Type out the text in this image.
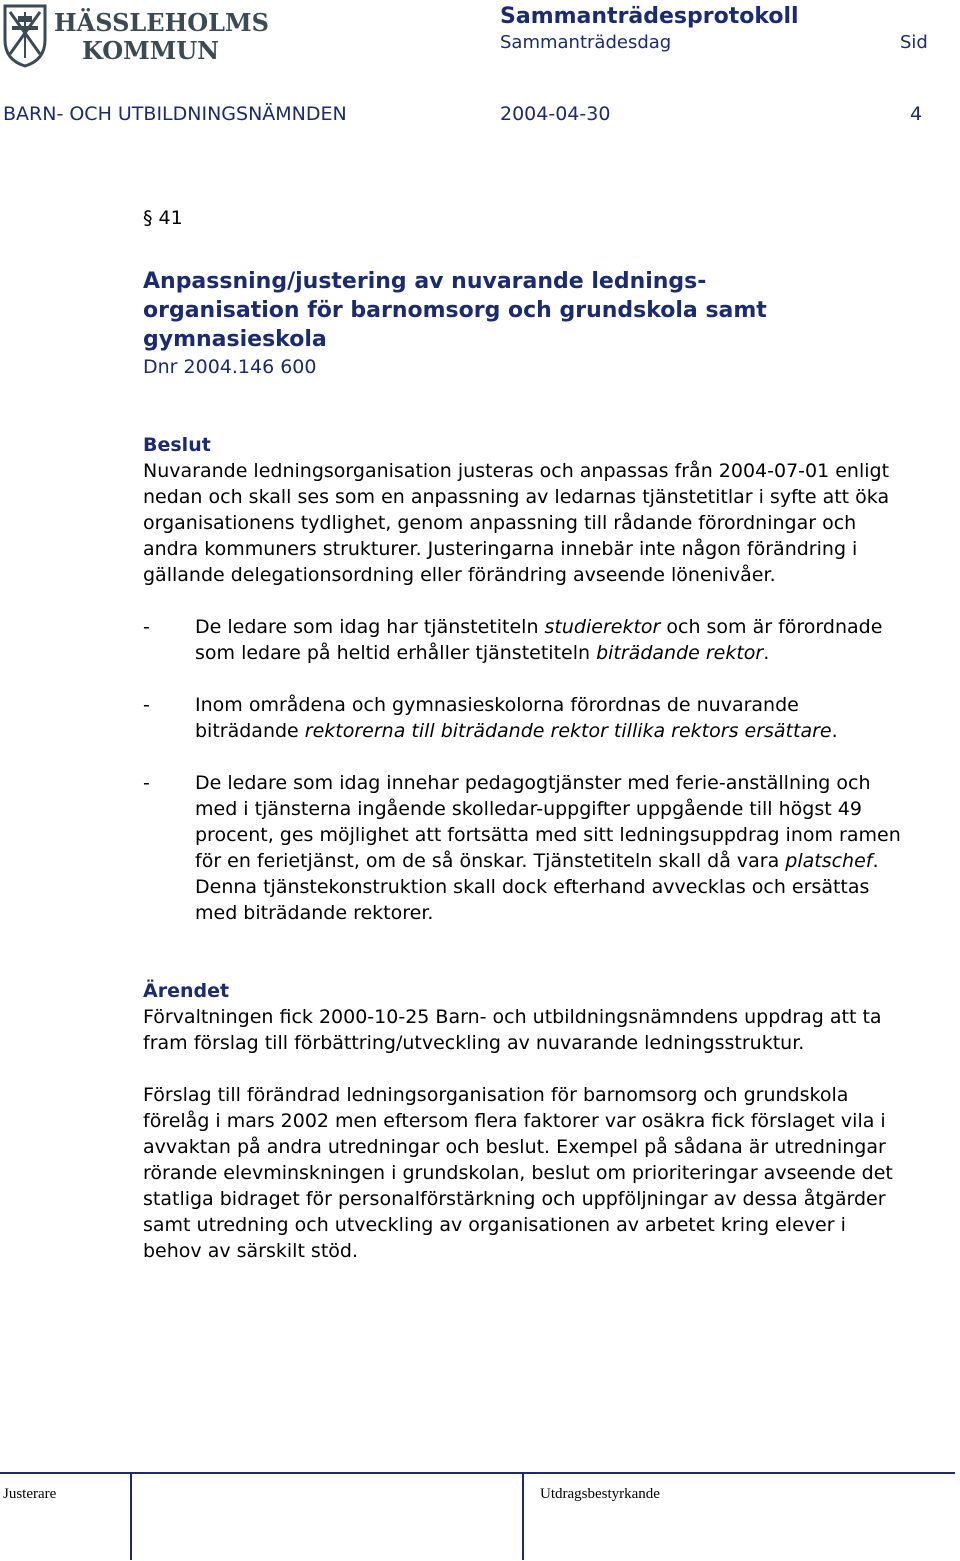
HÄSSLEHOLMS
KOMMUN
Sammanträdesprotokoll
Sammanträdesdag	Sid
BARN- OCH UTBILDNINGSNÄMNDEN	2004-04-30	4
§ 41
Anpassning/justering av nuvarande lednings-
organisation för barnomsorg och grundskola samt
gymnasieskola
Dnr 2004.146 600
Beslut
Nuvarande ledningsorganisation justeras och anpassas från 2004-07-01 enligt nedan och skall ses som en anpassning av ledarnas tjänstetitlar i syfte att öka organisationens tydlighet, genom anpassning till rådande förordningar och andra kommuners strukturer. Justeringarna innebär inte någon förändring i gällande delegationsordning eller förändring avseende lönenivåer.
-	De ledare som idag har tjänstetiteln studierektor och som är förordnade som ledare på heltid erhåller tjänstetiteln biträdande rektor.
-	Inom områdena och gymnasieskolorna förordnas de nuvarande biträdande rektorerna till biträdande rektor tillika rektors ersättare.
-	De ledare som idag innehar pedagogtjänster med ferie-anställning och med i tjänsterna ingående skolledar-uppgifter uppgående till högst 49 procent, ges möjlighet att fortsätta med sitt ledningsuppdrag inom ramen för en ferietjänst, om de så önskar. Tjänstetiteln skall då vara platschef. Denna tjänstekonstruktion skall dock efterhand avvecklas och ersättas med biträdande rektorer.
Ärendet
Förvaltningen fick 2000-10-25 Barn- och utbildningsnämndens uppdrag att ta fram förslag till förbättring/utveckling av nuvarande ledningsstruktur.
Förslag till förändrad ledningsorganisation för barnomsorg och grundskola förelåg i mars 2002 men eftersom flera faktorer var osäkra fick förslaget vila i avvaktan på andra utredningar och beslut. Exempel på sådana är utredningar rörande elevminskningen i grundskolan, beslut om prioriteringar avseende det statliga bidraget för personalförstärkning och uppföljningar av dessa åtgärder samt utredning och utveckling av organisationen av arbetet kring elever i behov av särskilt stöd.
Justerare	Utdragsbestyrkande
